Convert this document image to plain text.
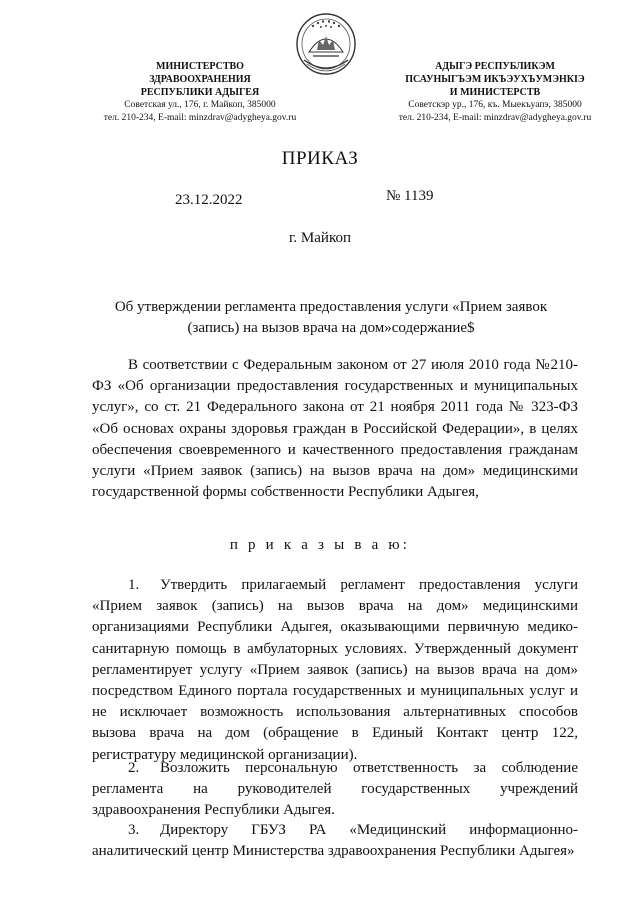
МИНИСТЕРСТВО
ЗДРАВООХРАНЕНИЯ
РЕСПУБЛИКИ АДЫГЕЯ
Советская ул., 176, г. Майкоп, 385000
тел. 210-234, E-mail: minzdrav@adygheya.gov.ru
АДЫГЭ РЕСПУБЛИКЭМ
ПСАУНЫГЪЭМ ИКЪЭУХЪУМЭНКІЭ
И МИНИСТЕРСТВ
Советскэр ур., 176, къ. Мыекъуапэ, 385000
тел. 210-234, E-mail: minzdrav@adygheya.gov.ru
ПРИКАЗ
23.12.2022	№ 1139
г. Майкоп
Об утверждении регламента предоставления услуги «Прием заявок (запись) на вызов врача на дом»содержание$
В соответствии с Федеральным законом от 27 июля 2010 года №210-ФЗ «Об организации предоставления государственных и муниципальных услуг», со ст. 21 Федерального закона от 21 ноября 2011 года № 323-ФЗ «Об основах охраны здоровья граждан в Российской Федерации», в целях обеспечения своевременного и качественного предоставления гражданам услуги «Прием заявок (запись) на вызов врача на дом» медицинскими государственной формы собственности Республики Адыгея,
п р и к а з ы в а ю:
1. Утвердить прилагаемый регламент предоставления услуги «Прием заявок (запись) на вызов врача на дом» медицинскими организациями Республики Адыгея, оказывающими первичную медико-санитарную помощь в амбулаторных условиях. Утвержденный документ регламентирует услугу «Прием заявок (запись) на вызов врача на дом» посредством Единого портала государственных и муниципальных услуг и не исключает возможность использования альтернативных способов вызова врача на дом (обращение в Единый Контакт центр 122, регистратуру медицинской организации).
2. Возложить персональную ответственность за соблюдение регламента на руководителей государственных учреждений здравоохранения Республики Адыгея.
3. Директору ГБУЗ РА «Медицинский информационно-аналитический центр Министерства здравоохранения Республики Адыгея»
